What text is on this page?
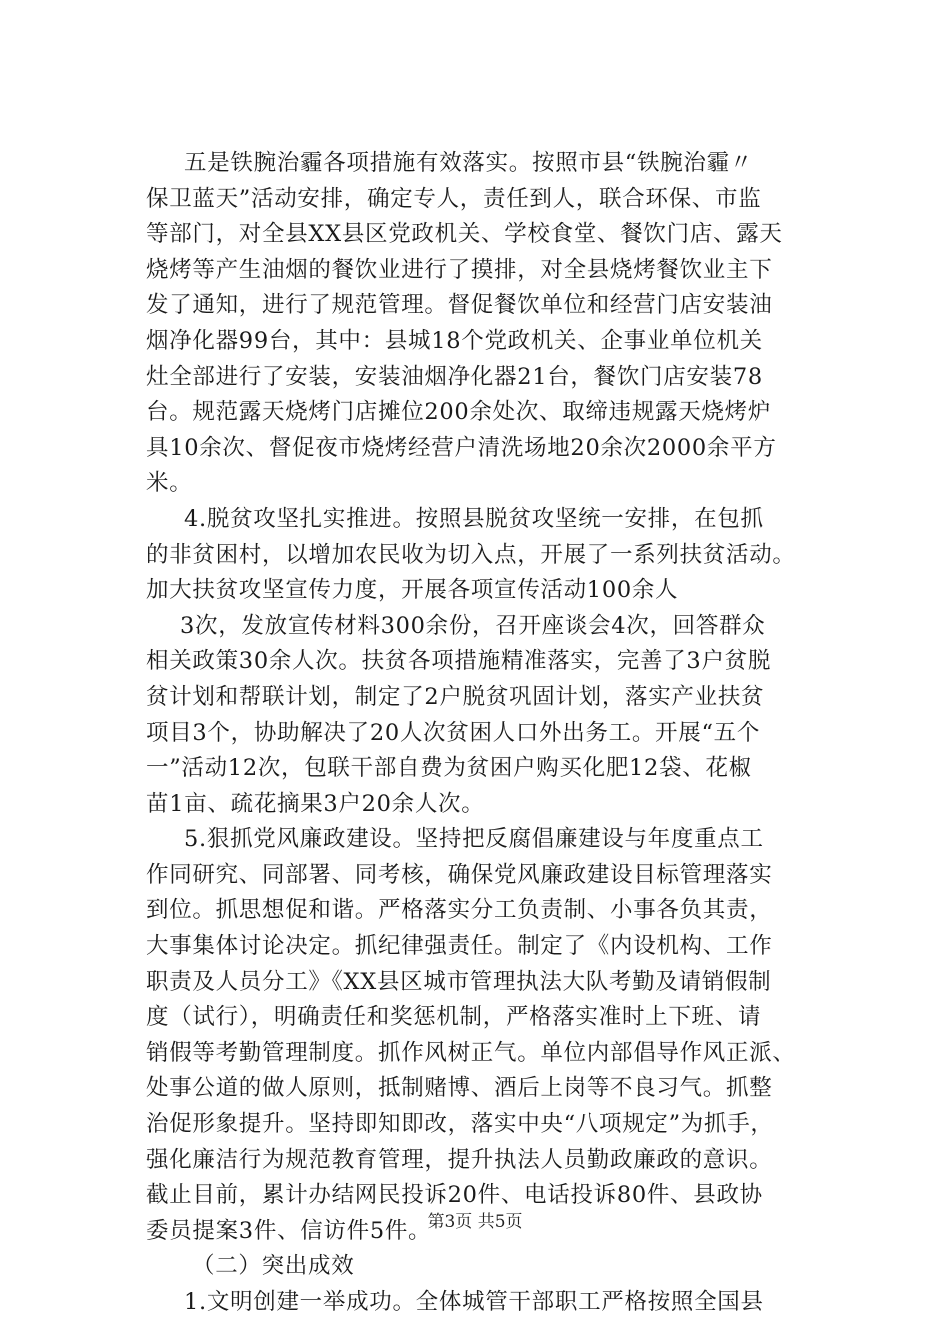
五是铁腕治霾各项措施有效落实。按照市县“铁腕治霾〃
保卫蓝天”活动安排，确定专人，责任到人，联合环保、市监
等部门，对全县XX县区党政机关、学校食堂、餐饮门店、露天
烧烤等产生油烟的餐饮业进行了摸排，对全县烧烤餐饮业主下
发了通知，进行了规范管理。督促餐饮单位和经营门店安装油
烟净化器99台，其中：县城18个党政机关、企事业单位机关
灶全部进行了安装，安装油烟净化器21台，餐饮门店安装78
台。规范露天烧烤门店摊位200余处次、取缔违规露天烧烤炉
具10余次、督促夜市烧烤经营户清洗场地20余次2000余平方
米。
4.脱贫攻坚扎实推进。按照县脱贫攻坚统一安排，在包抓
的非贫困村，以增加农民收为切入点，开展了一系列扶贫活动。
加大扶贫攻坚宣传力度，开展各项宣传活动100余人
3次，发放宣传材料300余份，召开座谈会4次，回答群众
相关政策30余人次。扶贫各项措施精准落实，完善了3户贫脱
贫计划和帮联计划，制定了2户脱贫巩固计划，落实产业扶贫
项目3个，协助解决了20人次贫困人口外出务工。开展“五个
一”活动12次，包联干部自费为贫困户购买化肥12袋、花椒
苗1亩、疏花摘果3户20余人次。
5.狠抓党风廉政建设。坚持把反腐倡廉建设与年度重点工
作同研究、同部署、同考核，确保党风廉政建设目标管理落实
到位。抓思想促和谐。严格落实分工负责制、小事各负其责，
大事集体讨论决定。抓纪律强责任。制定了《内设机构、工作
职责及人员分工》《XX县区城市管理执法大队考勤及请销假制
度（试行），明确责任和奖惩机制，严格落实准时上下班、请
销假等考勤管理制度。抓作风树正气。单位内部倡导作风正派、
处事公道的做人原则，抵制赌博、酒后上岗等不良习气。抓整
治促形象提升。坚持即知即改，落实中央“八项规定”为抓手，
强化廉洁行为规范教育管理，提升执法人员勤政廉政的意识。
截止目前，累计办结网民投诉20件、电话投诉80件、县政协
委员提案3件、信访件5件。
（二）突出成效
1.文明创建一举成功。全体城管干部职工严格按照全国县
第3页 共5页
